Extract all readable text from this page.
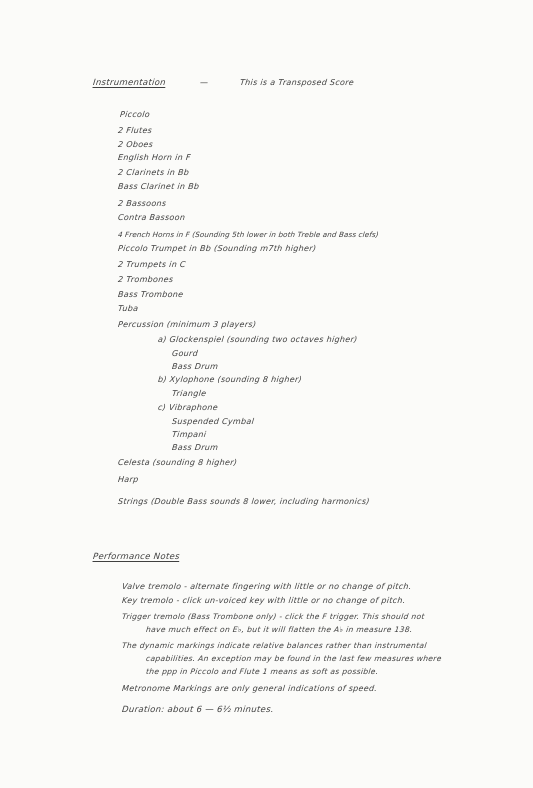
Instrumentation	—	This is a Transposed Score
Piccolo
2 Flutes
2 Oboes
English Horn in F
2 Clarinets in Bb
Bass Clarinet in Bb
2 Bassoons
Contra Bassoon
4 French Horns in F (Sounding 5th lower in both Treble and Bass clefs)
Piccolo Trumpet in Bb (Sounding m7th higher)
2 Trumpets in C
2 Trombones
Bass Trombone
Tuba
Percussion (minimum 3 players)
a) Glockenspiel (sounding two octaves higher)
Gourd
Bass Drum
b) Xylophone (sounding 8 higher)
Triangle
c) Vibraphone
Suspended Cymbal
Timpani
Bass Drum
Celesta (sounding 8 higher)
Harp
Strings (Double Bass sounds 8 lower, including harmonics)
Performance Notes
Valve tremolo - alternate fingering with little or no change of pitch.
Key tremolo - click un-voiced key with little or no change of pitch.
Trigger tremolo (Bass Trombone only) - click the F trigger. This should not
have much effect on E♭, but it will flatten the A♭ in measure 138.
The dynamic markings indicate relative balances rather than instrumental
capabilities. An exception may be found in the last few measures where
the ppp in Piccolo and Flute 1 means as soft as possible.
Metronome Markings are only general indications of speed.
Duration: about 6 — 6½ minutes.
